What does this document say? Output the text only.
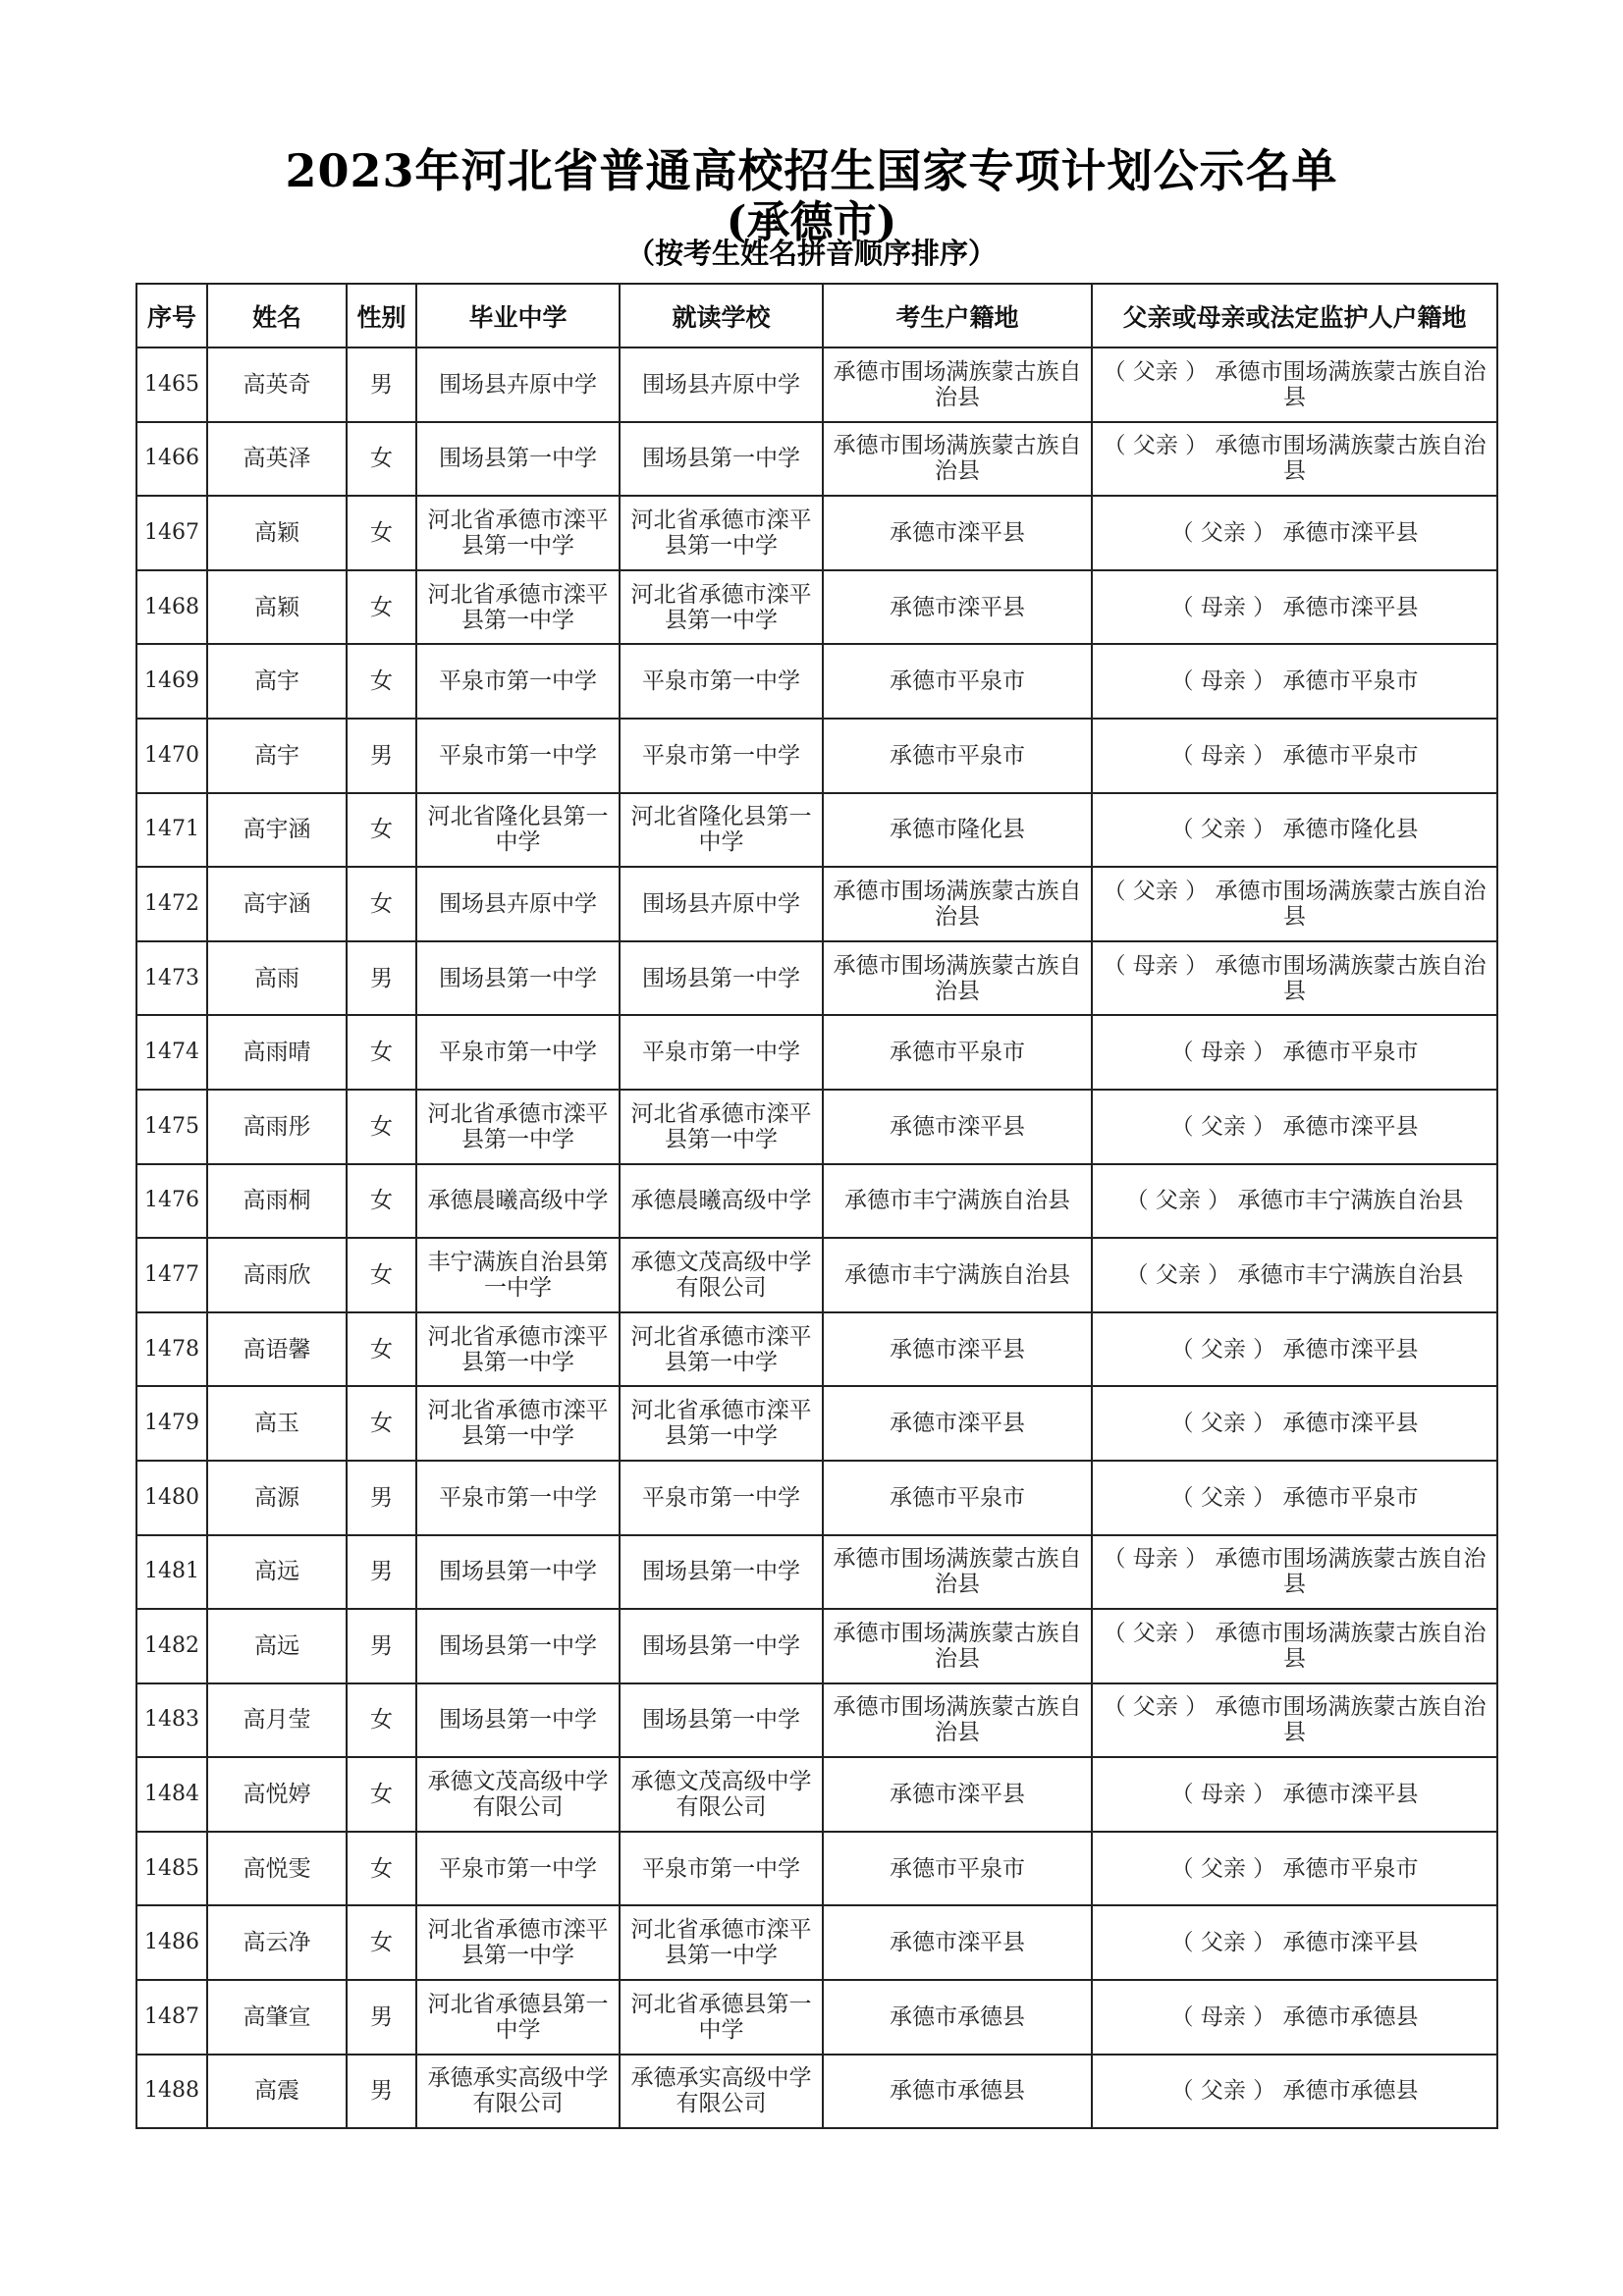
2023年河北省普通高校招生国家专项计划公示名单
(承德市)
（按考生姓名拼音顺序排序）
序号	姓名	性别	毕业中学	就读学校	考生户籍地	父亲或母亲或法定监护人户籍地
1465	高英奇	男	围场县卉原中学	围场县卉原中学	承德市围场满族蒙古族自治县	（ 父亲 ） 承德市围场满族蒙古族自治县
1466	高英泽	女	围场县第一中学	围场县第一中学	承德市围场满族蒙古族自治县	（ 父亲 ） 承德市围场满族蒙古族自治县
1467	高颖	女	河北省承德市滦平县第一中学	河北省承德市滦平县第一中学	承德市滦平县	（ 父亲 ） 承德市滦平县
1468	高颖	女	河北省承德市滦平县第一中学	河北省承德市滦平县第一中学	承德市滦平县	（ 母亲 ） 承德市滦平县
1469	高宇	女	平泉市第一中学	平泉市第一中学	承德市平泉市	（ 母亲 ） 承德市平泉市
1470	高宇	男	平泉市第一中学	平泉市第一中学	承德市平泉市	（ 母亲 ） 承德市平泉市
1471	高宇涵	女	河北省隆化县第一中学	河北省隆化县第一中学	承德市隆化县	（ 父亲 ） 承德市隆化县
1472	高宇涵	女	围场县卉原中学	围场县卉原中学	承德市围场满族蒙古族自治县	（ 父亲 ） 承德市围场满族蒙古族自治县
1473	高雨	男	围场县第一中学	围场县第一中学	承德市围场满族蒙古族自治县	（ 母亲 ） 承德市围场满族蒙古族自治县
1474	高雨晴	女	平泉市第一中学	平泉市第一中学	承德市平泉市	（ 母亲 ） 承德市平泉市
1475	高雨彤	女	河北省承德市滦平县第一中学	河北省承德市滦平县第一中学	承德市滦平县	（ 父亲 ） 承德市滦平县
1476	高雨桐	女	承德晨曦高级中学	承德晨曦高级中学	承德市丰宁满族自治县	（ 父亲 ） 承德市丰宁满族自治县
1477	高雨欣	女	丰宁满族自治县第一中学	承德文茂高级中学有限公司	承德市丰宁满族自治县	（ 父亲 ） 承德市丰宁满族自治县
1478	高语馨	女	河北省承德市滦平县第一中学	河北省承德市滦平县第一中学	承德市滦平县	（ 父亲 ） 承德市滦平县
1479	高玉	女	河北省承德市滦平县第一中学	河北省承德市滦平县第一中学	承德市滦平县	（ 父亲 ） 承德市滦平县
1480	高源	男	平泉市第一中学	平泉市第一中学	承德市平泉市	（ 父亲 ） 承德市平泉市
1481	高远	男	围场县第一中学	围场县第一中学	承德市围场满族蒙古族自治县	（ 母亲 ） 承德市围场满族蒙古族自治县
1482	高远	男	围场县第一中学	围场县第一中学	承德市围场满族蒙古族自治县	（ 父亲 ） 承德市围场满族蒙古族自治县
1483	高月莹	女	围场县第一中学	围场县第一中学	承德市围场满族蒙古族自治县	（ 父亲 ） 承德市围场满族蒙古族自治县
1484	高悦婷	女	承德文茂高级中学有限公司	承德文茂高级中学有限公司	承德市滦平县	（ 母亲 ） 承德市滦平县
1485	高悦雯	女	平泉市第一中学	平泉市第一中学	承德市平泉市	（ 父亲 ） 承德市平泉市
1486	高云净	女	河北省承德市滦平县第一中学	河北省承德市滦平县第一中学	承德市滦平县	（ 父亲 ） 承德市滦平县
1487	高肇宣	男	河北省承德县第一中学	河北省承德县第一中学	承德市承德县	（ 母亲 ） 承德市承德县
1488	高震	男	承德承实高级中学有限公司	承德承实高级中学有限公司	承德市承德县	（ 父亲 ） 承德市承德县
